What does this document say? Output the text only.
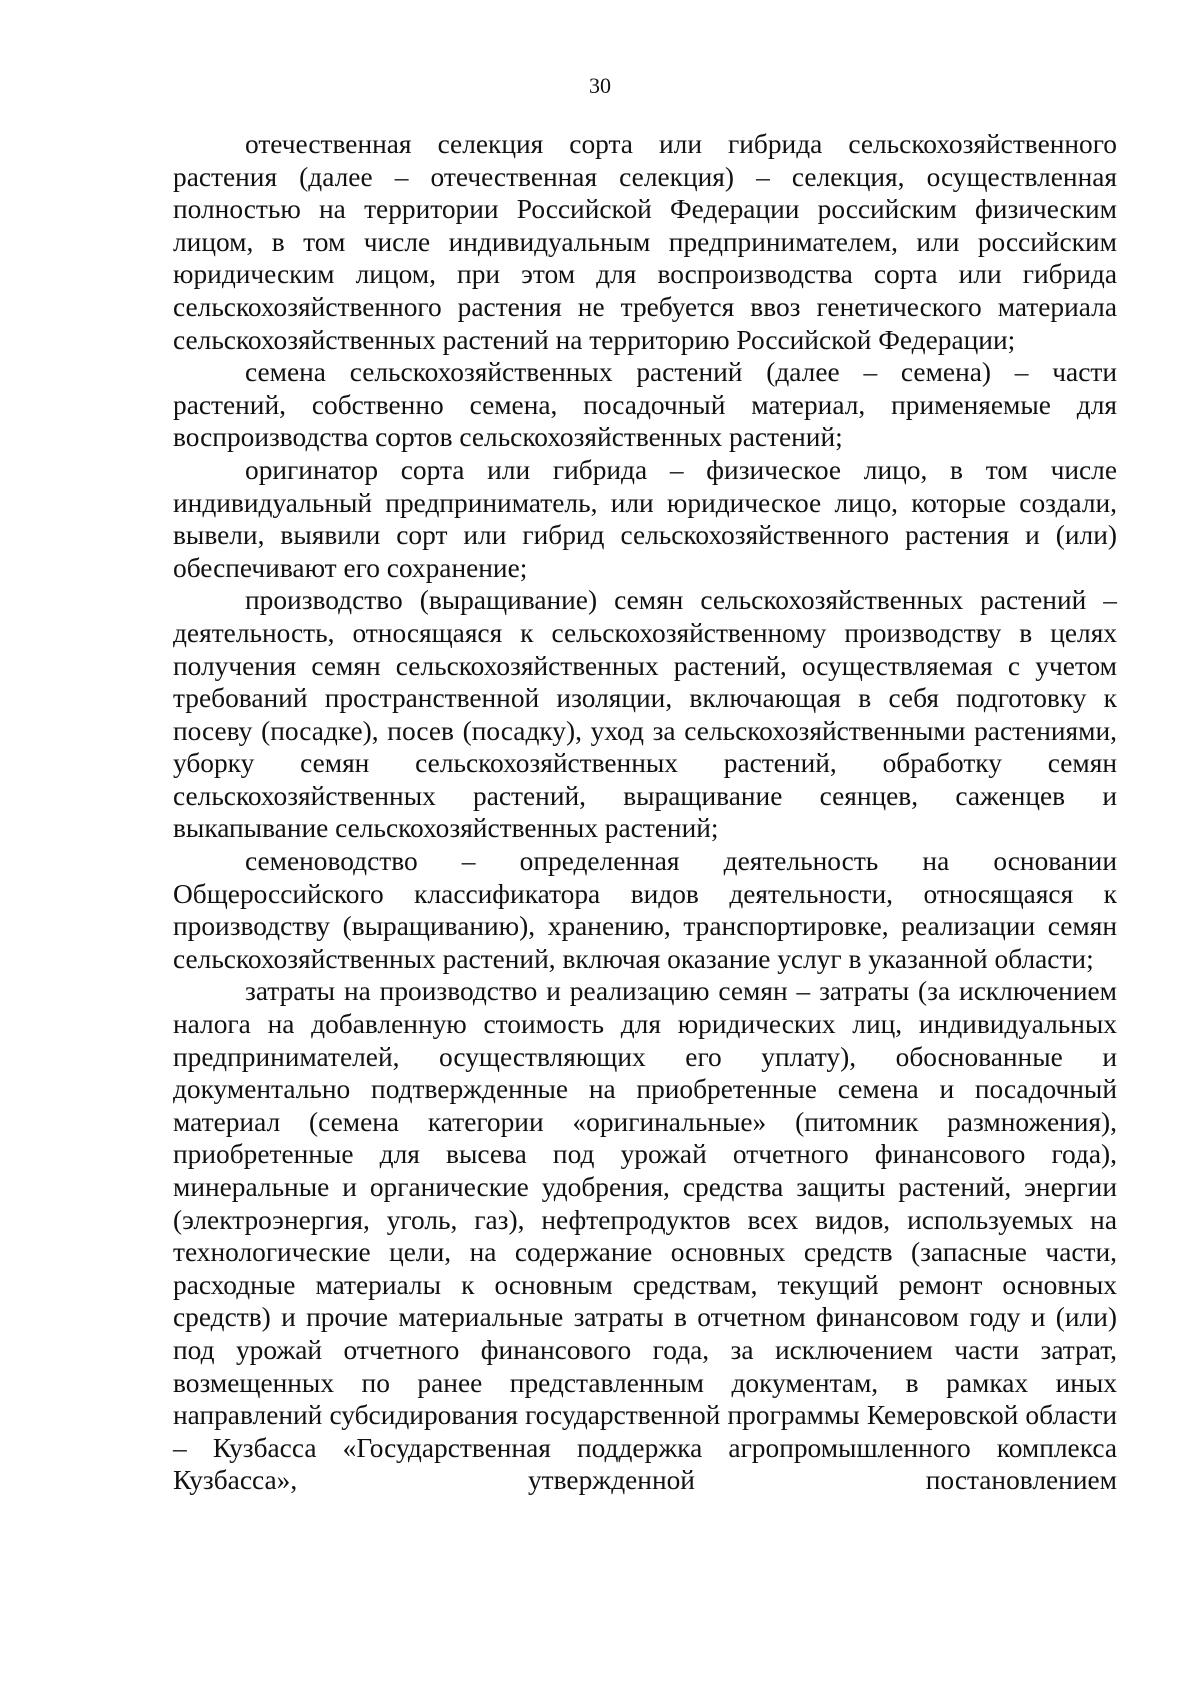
30

отечественная селекция сорта или гибрида сельскохозяйственного растения (далее – отечественная селекция) – селекция, осуществленная полностью на территории Российской Федерации российским физическим лицом, в том числе индивидуальным предпринимателем, или российским юридическим лицом, при этом для воспроизводства сорта или гибрида сельскохозяйственного растения не требуется ввоз генетического материала сельскохозяйственных растений на территорию Российской Федерации;

семена сельскохозяйственных растений (далее – семена) – части растений, собственно семена, посадочный материал, применяемые для воспроизводства сортов сельскохозяйственных растений;

оригинатор сорта или гибрида – физическое лицо, в том числе индивидуальный предприниматель, или юридическое лицо, которые создали, вывели, выявили сорт или гибрид сельскохозяйственного растения и (или) обеспечивают его сохранение;

производство (выращивание) семян сельскохозяйственных растений – деятельность, относящаяся к сельскохозяйственному производству в целях получения семян сельскохозяйственных растений, осуществляемая с учетом требований пространственной изоляции, включающая в себя подготовку к посеву (посадке), посев (посадку), уход за сельскохозяйственными растениями, уборку семян сельскохозяйственных растений, обработку семян сельскохозяйственных растений, выращивание сеянцев, саженцев и выкапывание сельскохозяйственных растений;

семеноводство – определенная деятельность на основании Общероссийского классификатора видов деятельности, относящаяся к производству (выращиванию), хранению, транспортировке, реализации семян сельскохозяйственных растений, включая оказание услуг в указанной области;

затраты на производство и реализацию семян – затраты (за исключением налога на добавленную стоимость для юридических лиц, индивидуальных предпринимателей, осуществляющих его уплату), обоснованные и документально подтвержденные на приобретенные семена и посадочный материал (семена категории «оригинальные» (питомник размножения), приобретенные для высева под урожай отчетного финансового года), минеральные и органические удобрения, средства защиты растений, энергии (электроэнергия, уголь, газ), нефтепродуктов всех видов, используемых на технологические цели, на содержание основных средств (запасные части, расходные материалы к основным средствам, текущий ремонт основных средств) и прочие материальные затраты в отчетном финансовом году и (или) под урожай отчетного финансового года, за исключением части затрат, возмещенных по ранее представленным документам, в рамках иных направлений субсидирования государственной программы Кемеровской области – Кузбасса «Государственная поддержка агропромышленного комплекса Кузбасса», утвержденной постановлением
